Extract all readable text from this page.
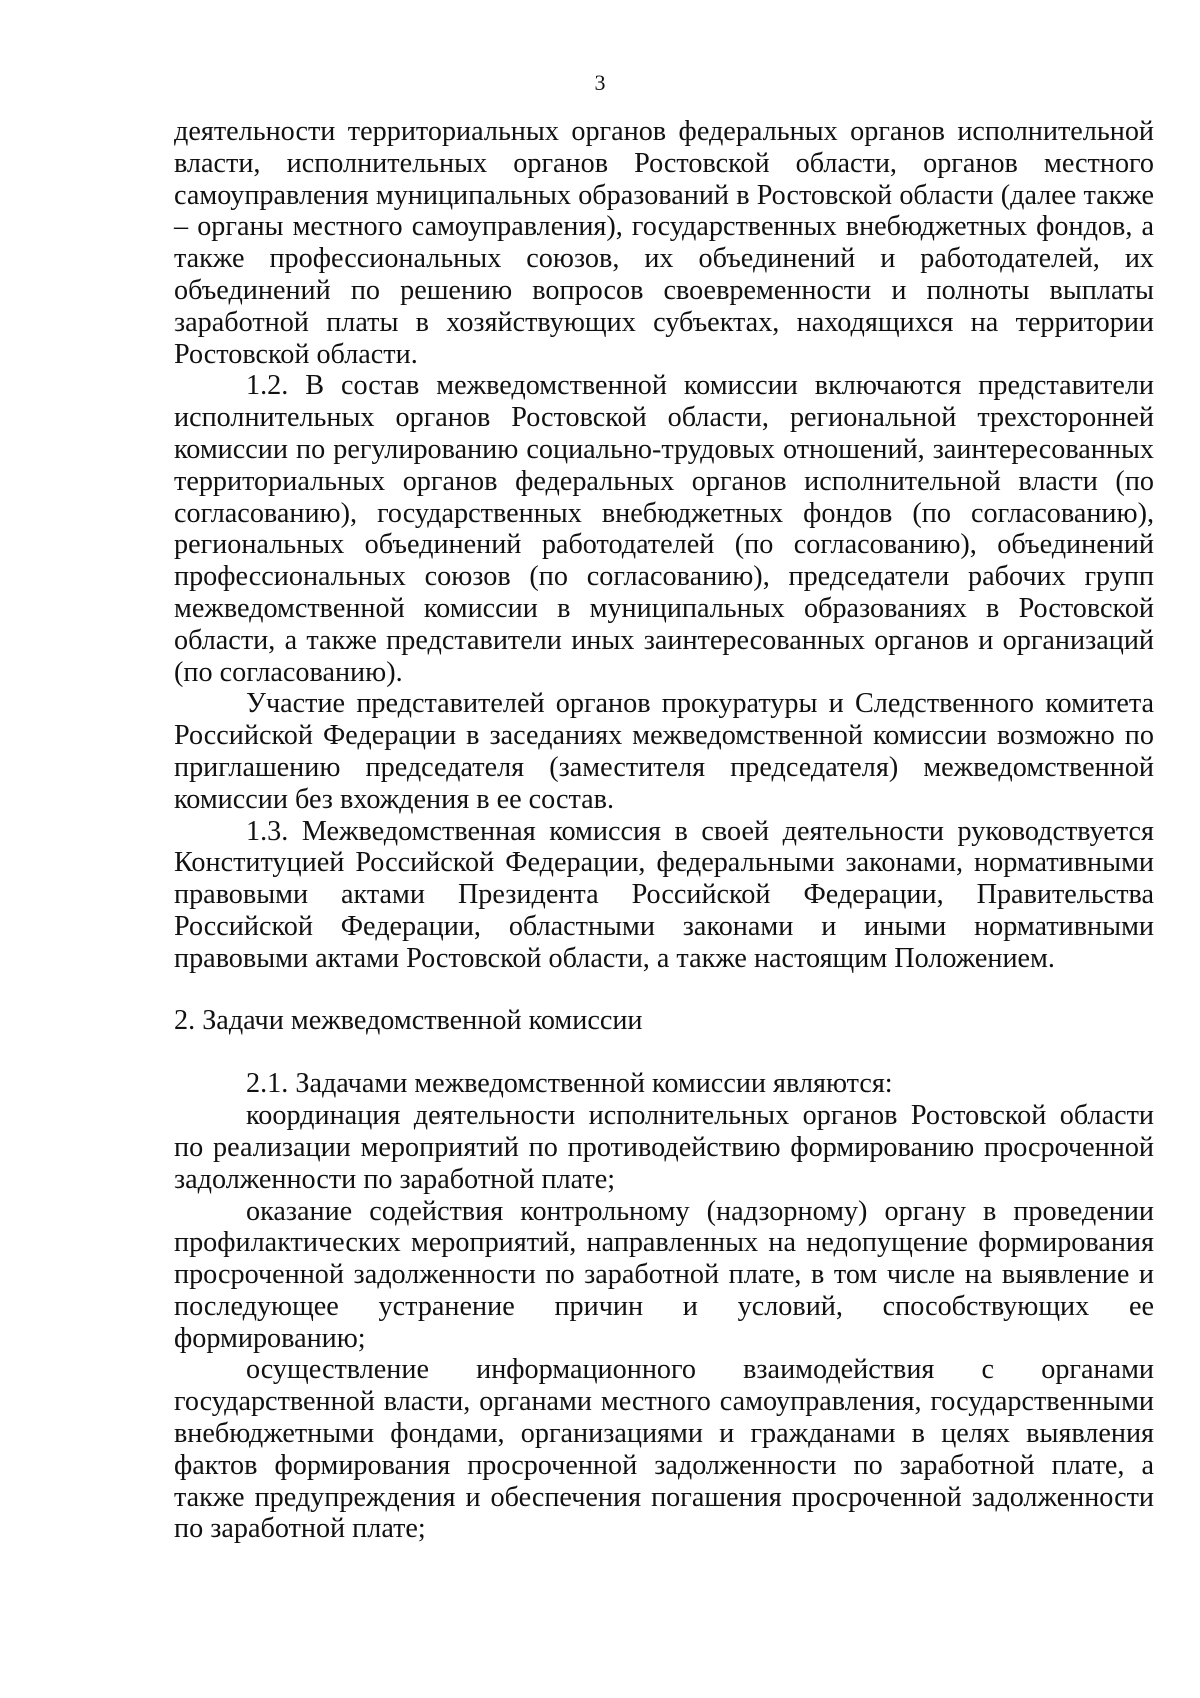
3

деятельности территориальных органов федеральных органов исполнительной власти, исполнительных органов Ростовской области, органов местного самоуправления муниципальных образований в Ростовской области (далее также – органы местного самоуправления), государственных внебюджетных фондов, а также профессиональных союзов, их объединений и работодателей, их объединений по решению вопросов своевременности и полноты выплаты заработной платы в хозяйствующих субъектах, находящихся на территории Ростовской области.

1.2. В состав межведомственной комиссии включаются представители исполнительных органов Ростовской области, региональной трехсторонней комиссии по регулированию социально-трудовых отношений, заинтересованных территориальных органов федеральных органов исполнительной власти (по согласованию), государственных внебюджетных фондов (по согласованию), региональных объединений работодателей (по согласованию), объединений профессиональных союзов (по согласованию), председатели рабочих групп межведомственной комиссии в муниципальных образованиях в Ростовской области, а также представители иных заинтересованных органов и организаций (по согласованию).

Участие представителей органов прокуратуры и Следственного комитета Российской Федерации в заседаниях межведомственной комиссии возможно по приглашению председателя (заместителя председателя) межведомственной комиссии без вхождения в ее состав.

1.3. Межведомственная комиссия в своей деятельности руководствуется Конституцией Российской Федерации, федеральными законами, нормативными правовыми актами Президента Российской Федерации, Правительства Российской Федерации, областными законами и иными нормативными правовыми актами Ростовской области, а также настоящим Положением.

2. Задачи межведомственной комиссии

2.1. Задачами межведомственной комиссии являются:

координация деятельности исполнительных органов Ростовской области по реализации мероприятий по противодействию формированию просроченной задолженности по заработной плате;

оказание содействия контрольному (надзорному) органу в проведении профилактических мероприятий, направленных на недопущение формирования просроченной задолженности по заработной плате, в том числе на выявление и последующее устранение причин и условий, способствующих ее формированию;

осуществление информационного взаимодействия с органами государственной власти, органами местного самоуправления, государственными внебюджетными фондами, организациями и гражданами в целях выявления фактов формирования просроченной задолженности по заработной плате, а также предупреждения и обеспечения погашения просроченной задолженности по заработной плате;
